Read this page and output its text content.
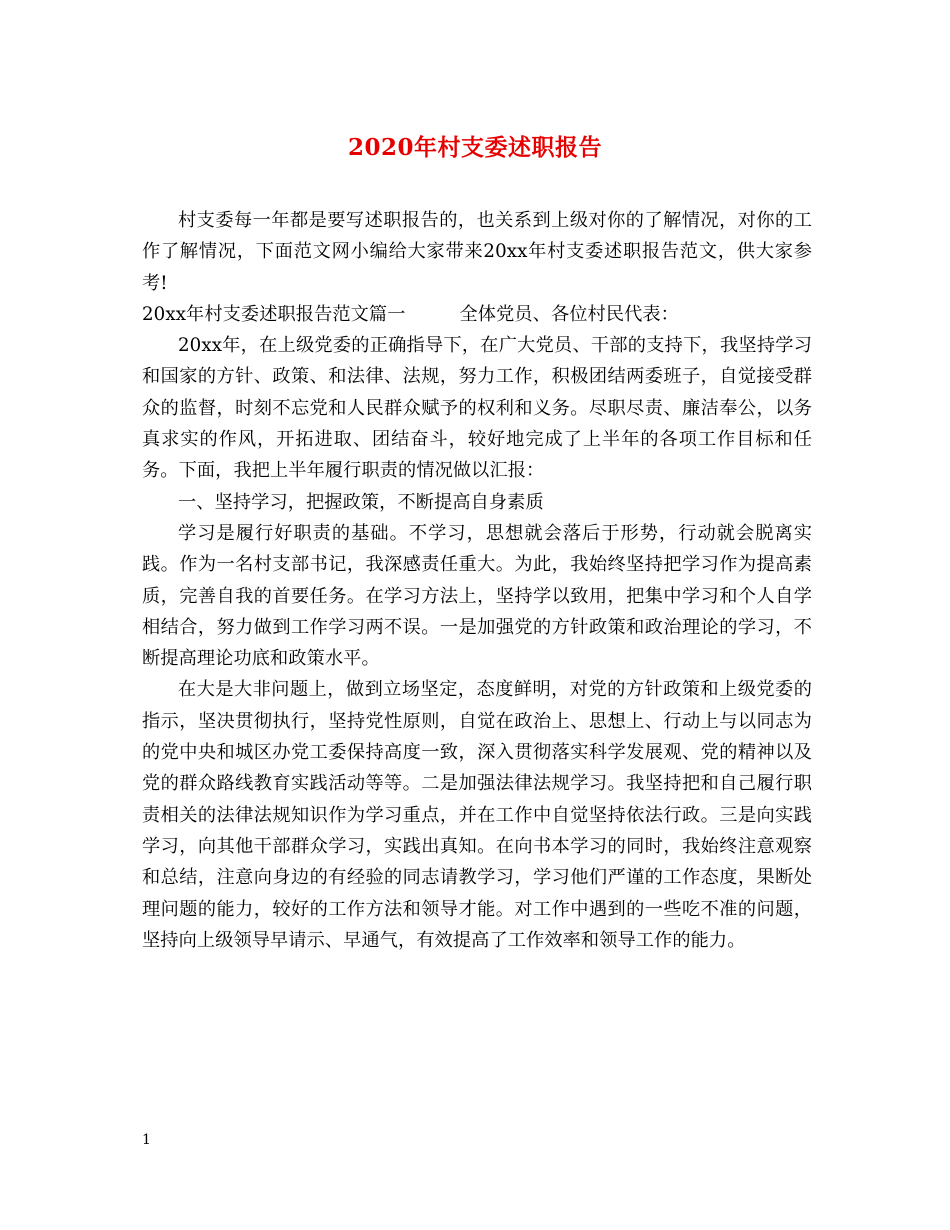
2020年村支委述职报告

村支委每一年都是要写述职报告的，也关系到上级对你的了解情况，对你的工作了解情况，下面范文网小编给大家带来20xx年村支委述职报告范文，供大家参考!

20xx年村支委述职报告范文篇一	全体党员、各位村民代表：

20xx年，在上级党委的正确指导下，在广大党员、干部的支持下，我坚持学习和国家的方针、政策、和法律、法规，努力工作，积极团结两委班子，自觉接受群众的监督，时刻不忘党和人民群众赋予的权利和义务。尽职尽责、廉洁奉公，以务真求实的作风，开拓进取、团结奋斗，较好地完成了上半年的各项工作目标和任务。下面，我把上半年履行职责的情况做以汇报：

一、坚持学习，把握政策，不断提高自身素质

学习是履行好职责的基础。不学习，思想就会落后于形势，行动就会脱离实践。作为一名村支部书记，我深感责任重大。为此，我始终坚持把学习作为提高素质，完善自我的首要任务。在学习方法上，坚持学以致用，把集中学习和个人自学相结合，努力做到工作学习两不误。一是加强党的方针政策和政治理论的学习，不断提高理论功底和政策水平。

在大是大非问题上，做到立场坚定，态度鲜明，对党的方针政策和上级党委的指示，坚决贯彻执行，坚持党性原则，自觉在政治上、思想上、行动上与以同志为的党中央和城区办党工委保持高度一致，深入贯彻落实科学发展观、党的精神以及党的群众路线教育实践活动等等。二是加强法律法规学习。我坚持把和自己履行职责相关的法律法规知识作为学习重点，并在工作中自觉坚持依法行政。三是向实践学习，向其他干部群众学习，实践出真知。在向书本学习的同时，我始终注意观察和总结，注意向身边的有经验的同志请教学习，学习他们严谨的工作态度，果断处理问题的能力，较好的工作方法和领导才能。对工作中遇到的一些吃不准的问题，坚持向上级领导早请示、早通气，有效提高了工作效率和领导工作的能力。

1
